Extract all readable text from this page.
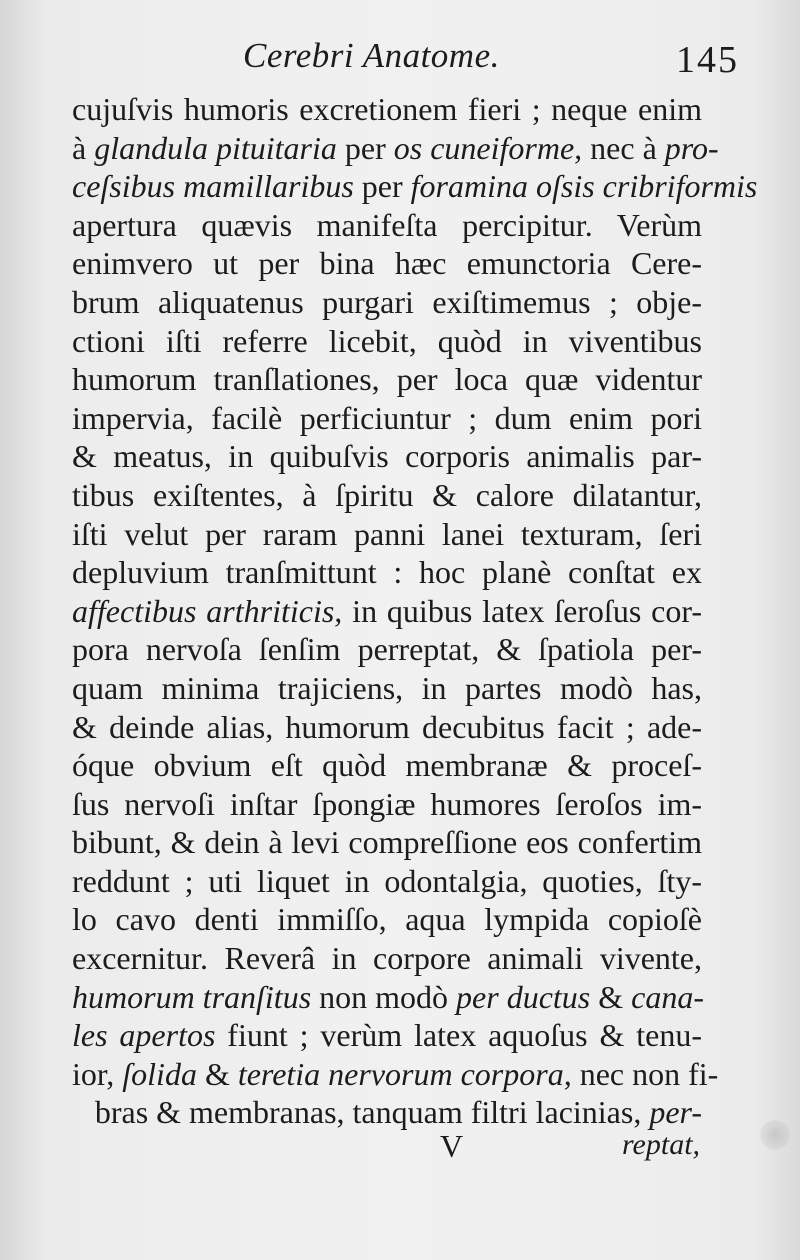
Cerebri Anatome.	145
cujuſvis humoris excretionem fieri ; neque enim
à glandula pituitaria per os cuneiforme, nec à pro-
ceſsibus mamillaribus per foramina oſsis cribriformis
apertura quævis manifeſta percipitur. Verùm
enimvero ut per bina hæc emunctoria Cere-
brum aliquatenus purgari exiſtimemus ; obje-
ctioni iſti referre licebit, quòd in viventibus
humorum tranſlationes, per loca quæ videntur
impervia, facilè perficiuntur ; dum enim pori
& meatus, in quibuſvis corporis animalis par-
tibus exiſtentes, à ſpiritu & calore dilatantur,
iſti velut per raram panni lanei texturam, ſeri
depluvium tranſmittunt : hoc planè conſtat ex
affectibus arthriticis, in quibus latex ſeroſus cor-
pora nervoſa ſenſim perreptat, & ſpatiola per-
quam minima trajiciens, in partes modò has,
& deinde alias, humorum decubitus facit ; ade-
óque obvium eſt quòd membranæ & proceſ-
ſus nervoſi inſtar ſpongiæ humores ſeroſos im-
bibunt, & dein à levi compreſſione eos confertim
reddunt ; uti liquet in odontalgia, quoties, ſty-
lo cavo denti immiſſo, aqua lympida copioſè
excernitur. Reverâ in corpore animali vivente,
humorum tranſitus non modò per ductus & cana-
les apertos fiunt ; verùm latex aquoſus & tenu-
ior, ſolida & teretia nervorum corpora, nec non fi-
bras & membranas, tanquam filtri lacinias, per-
V	reptat,
